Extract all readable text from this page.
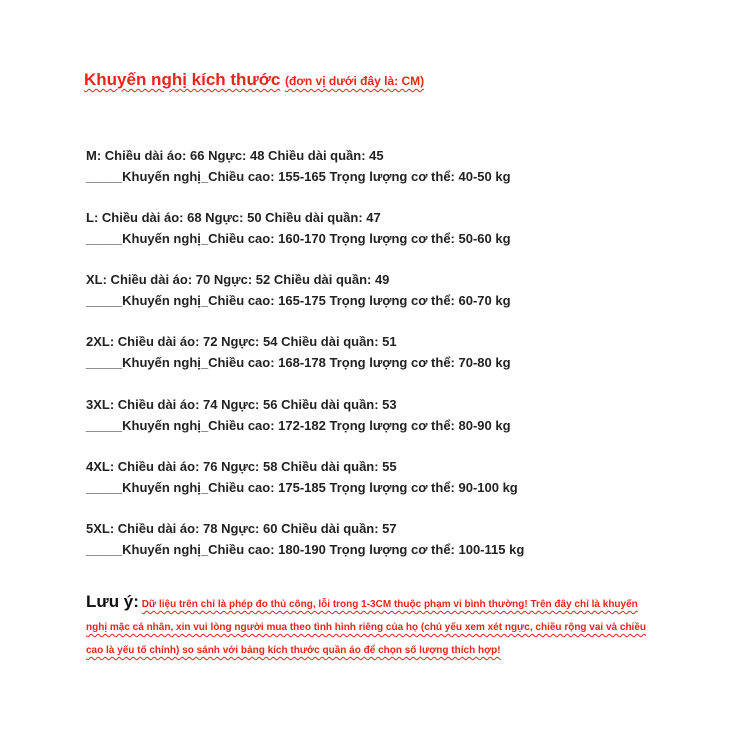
Khuyến nghị kích thước (đơn vị dưới đây là: CM)
M: Chiều dài áo: 66 Ngực: 48 Chiều dài quần: 45
_____Khuyến nghị_Chiều cao: 155-165 Trọng lượng cơ thể: 40-50 kg
L: Chiều dài áo: 68 Ngực: 50 Chiều dài quần: 47
_____Khuyến nghị_Chiều cao: 160-170 Trọng lượng cơ thể: 50-60 kg
XL: Chiều dài áo: 70 Ngực: 52 Chiều dài quần: 49
_____Khuyến nghị_Chiều cao: 165-175 Trọng lượng cơ thể: 60-70 kg
2XL: Chiều dài áo: 72 Ngực: 54 Chiều dài quần: 51
_____Khuyến nghị_Chiều cao: 168-178 Trọng lượng cơ thể: 70-80 kg
3XL: Chiều dài áo: 74 Ngực: 56 Chiều dài quần: 53
_____Khuyến nghị_Chiều cao: 172-182 Trọng lượng cơ thể: 80-90 kg
4XL: Chiều dài áo: 76 Ngực: 58 Chiều dài quần: 55
_____Khuyến nghị_Chiều cao: 175-185 Trọng lượng cơ thể: 90-100 kg
5XL: Chiều dài áo: 78 Ngực: 60 Chiều dài quần: 57
_____Khuyến nghị_Chiều cao: 180-190 Trọng lượng cơ thể: 100-115 kg
Lưu ý: Dữ liệu trên chỉ là phép đo thủ công, lỗi trong 1-3CM thuộc phạm vi bình thường! Trên đây chỉ là khuyến nghị mặc cá nhân, xin vui lòng người mua theo tình hình riêng của họ (chủ yếu xem xét ngực, chiều rộng vai và chiều cao là yếu tố chính) so sánh với bảng kích thước quần áo để chọn số lượng thích hợp!
